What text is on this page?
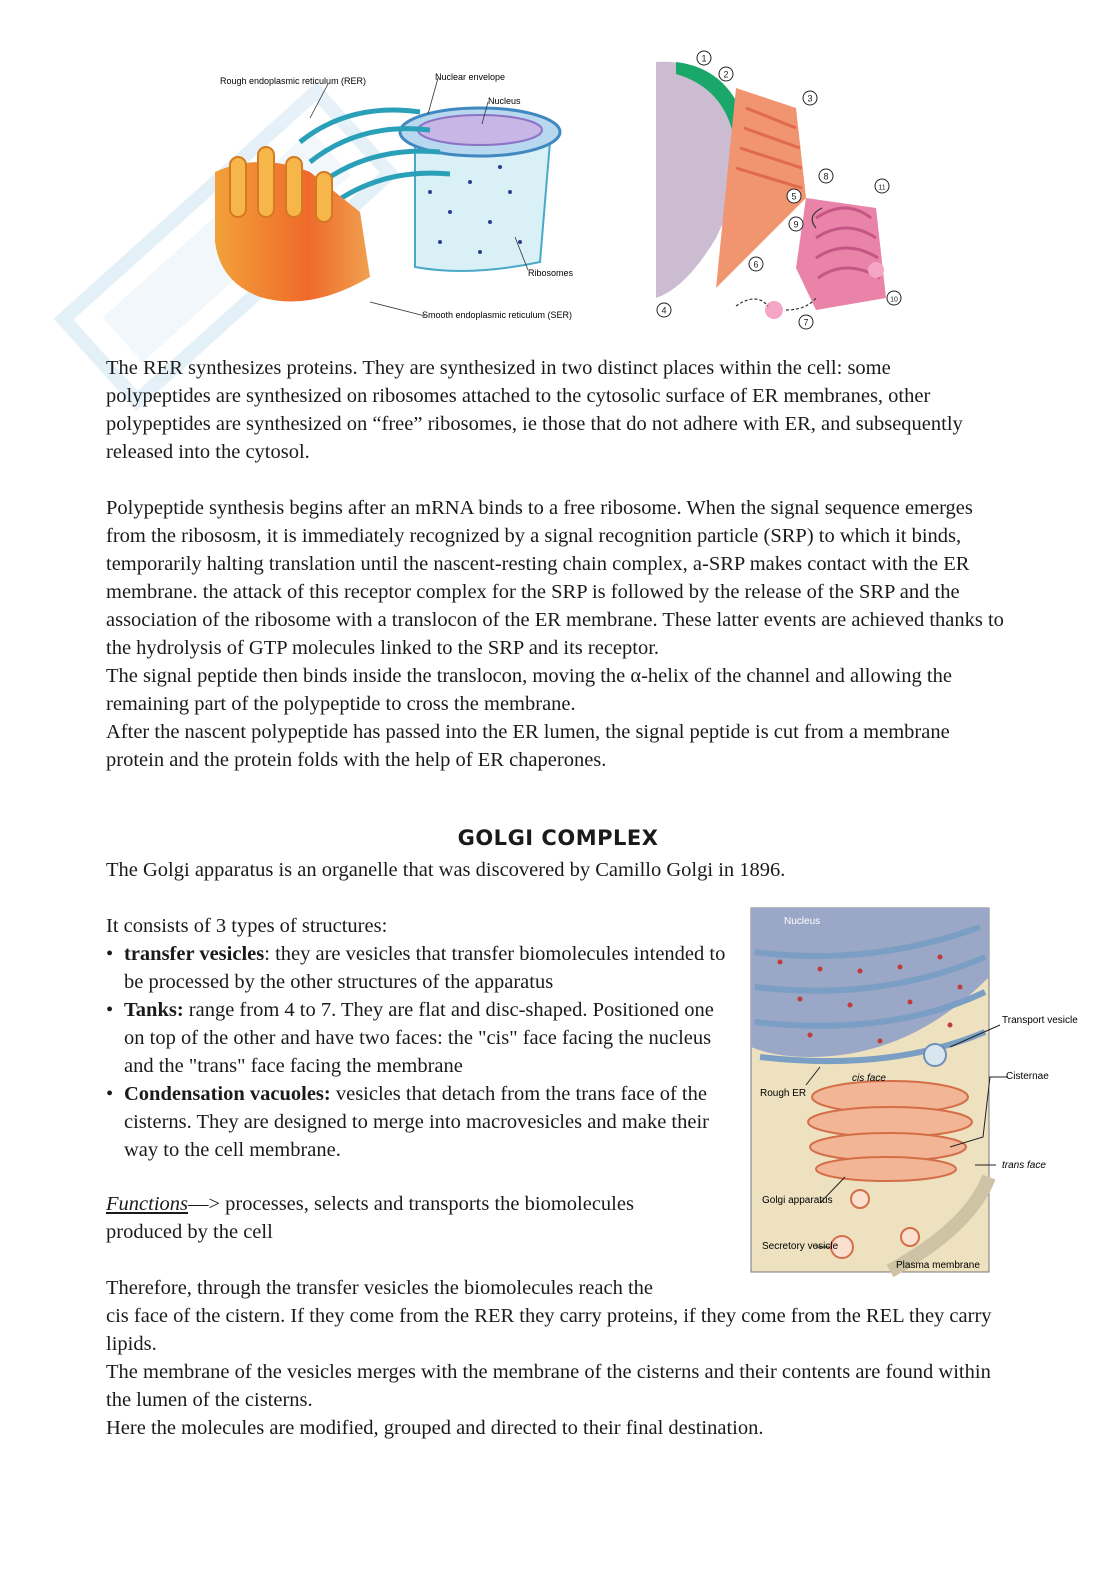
Rough endoplasmic reticulum (RER)	Nuclear envelope
Nucleus
Ribosomes
Smooth endoplasmic reticulum (SER)
1
2
3
4
5
6
7
8
9
10
11

The RER synthesizes proteins. They are synthesized in two distinct places within the cell: some polypeptides are synthesized on ribosomes attached to the cytosolic surface of ER membranes, other polypeptides are synthesized on “free” ribosomes, ie those that do not adhere with ER, and subsequently released into the cytosol.

Polypeptide synthesis begins after an mRNA binds to a free ribosome. When the signal sequence emerges from the ribososm, it is immediately recognized by a signal recognition particle (SRP) to which it binds, temporarily halting translation until the nascent-resting chain complex, a-SRP makes contact with the ER membrane. the attack of this receptor complex for the SRP is followed by the release of the SRP and the association of the ribosome with a translocon of the ER membrane. These latter events are achieved thanks to the hydrolysis of GTP molecules linked to the SRP and its receptor.

The signal peptide then binds inside the translocon, moving the α-helix of the channel and allowing the remaining part of the polypeptide to cross the membrane.

After the nascent polypeptide has passed into the ER lumen, the signal peptide is cut from a membrane protein and the protein folds with the help of ER chaperones.

GOLGI COMPLEX

The Golgi apparatus is an organelle that was discovered by Camillo Golgi in 1896.

It consists of 3 types of structures:

• transfer vesicles: they are vesicles that transfer biomolecules intended to be processed by the other structures of the apparatus
• Tanks: range from 4 to 7. They are flat and disc-shaped. Positioned one on top of the other and have two faces: the "cis" face facing the nucleus and the "trans" face facing the membrane
• Condensation vacuoles: vesicles that detach from the trans face of the cisterns. They are designed to merge into macrovesicles and make their way to the cell membrane.

Functions—> processes, selects and transports the biomolecules produced by the cell

Therefore, through the transfer vesicles the biomolecules reach the

cis face of the cistern. If they come from the RER they carry proteins, if they come from the REL they carry lipids.

The membrane of the vesicles merges with the membrane of the cisterns and their contents are found within the lumen of the cisterns.

Here the molecules are modified, grouped and directed to their final destination.

Nucleus
Transport vesicle
Cisternae
Rough ER
cis face
trans face
Golgi apparatus
Secretory vesicle
Plasma membrane
